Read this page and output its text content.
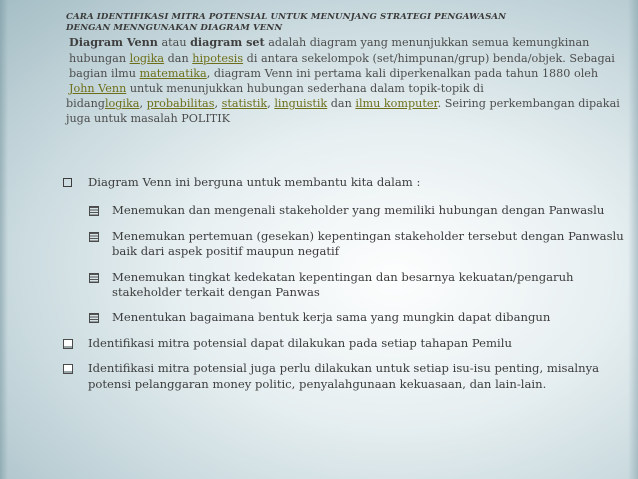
CARA IDENTIFIKASI MITRA POTENSIAL UNTUK MENUNJANG STRATEGI PENGAWASAN
DENGAN MENNGUNAKAN DIAGRAM VENN
Diagram Venn atau diagram set adalah diagram yang menunjukkan semua kemungkinan hubungan logika dan hipotesis di antara sekelompok (set/himpunan/grup) benda/objek. Sebagai bagian ilmu matematika, diagram Venn ini pertama kali diperkenalkan pada tahun 1880 oleh John Venn untuk menunjukkan hubungan sederhana dalam topik-topik di
bidanglogika, probabilitas, statistik, linguistik dan ilmu komputer. Seiring perkembangan dipakai juga untuk masalah POLITIK
Diagram Venn ini berguna untuk membantu kita dalam :
Menemukan dan mengenali stakeholder yang memiliki hubungan dengan Panwaslu
Menemukan pertemuan (gesekan) kepentingan stakeholder tersebut dengan Panwaslu baik dari aspek positif maupun negatif
Menemukan tingkat kedekatan kepentingan dan besarnya kekuatan/pengaruh stakeholder terkait dengan Panwas
Menentukan bagaimana bentuk kerja sama yang mungkin dapat dibangun
Identifikasi mitra potensial dapat dilakukan pada setiap tahapan Pemilu
Identifikasi mitra potensial juga perlu dilakukan untuk setiap isu-isu penting, misalnya potensi pelanggaran money politic, penyalahgunaan kekuasaan, dan lain-lain.
